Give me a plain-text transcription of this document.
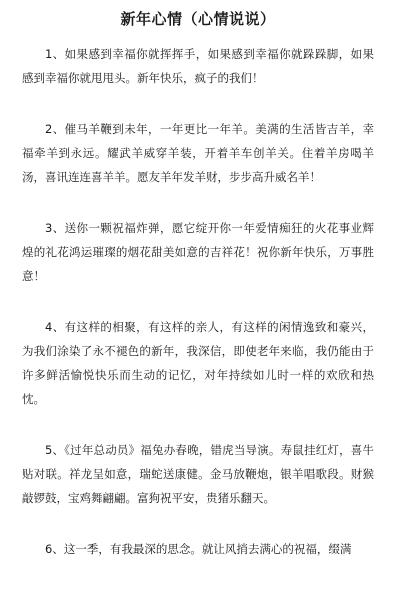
新年心情（心情说说）

1、如果感到幸福你就挥挥手，如果感到幸福你就跺跺脚，如果感到幸福你就甩甩头。新年快乐，疯子的我们！

2、催马羊鞭到未年，一年更比一年羊。美满的生活皆吉羊，幸福牵羊到永远。耀武羊威穿羊装，开着羊车创羊关。住着羊房喝羊汤，喜讯连连喜羊羊。愿友羊年发羊财，步步高升威名羊！

3、送你一颗祝福炸弹，愿它绽开你一年爱情痴狂的火花事业辉煌的礼花鸿运璀璨的烟花甜美如意的吉祥花！祝你新年快乐，万事胜意！

4、有这样的相聚，有这样的亲人，有这样的闲情逸致和豪兴，为我们涂染了永不褪色的新年，我深信，即使老年来临，我仍能由于许多鲜活愉悦快乐而生动的记忆，对年持续如儿时一样的欢欣和热忱。

5、《过年总动员》福兔办春晚，错虎当导演。寿鼠挂红灯，喜牛贴对联。祥龙呈如意，瑞蛇送康健。金马放鞭炮，银羊唱歌段。财猴敲锣鼓，宝鸡舞翩翩。富狗祝平安，贵猪乐翻天。

6、这一季，有我最深的思念。就让风捎去满心的祝福，缀满
